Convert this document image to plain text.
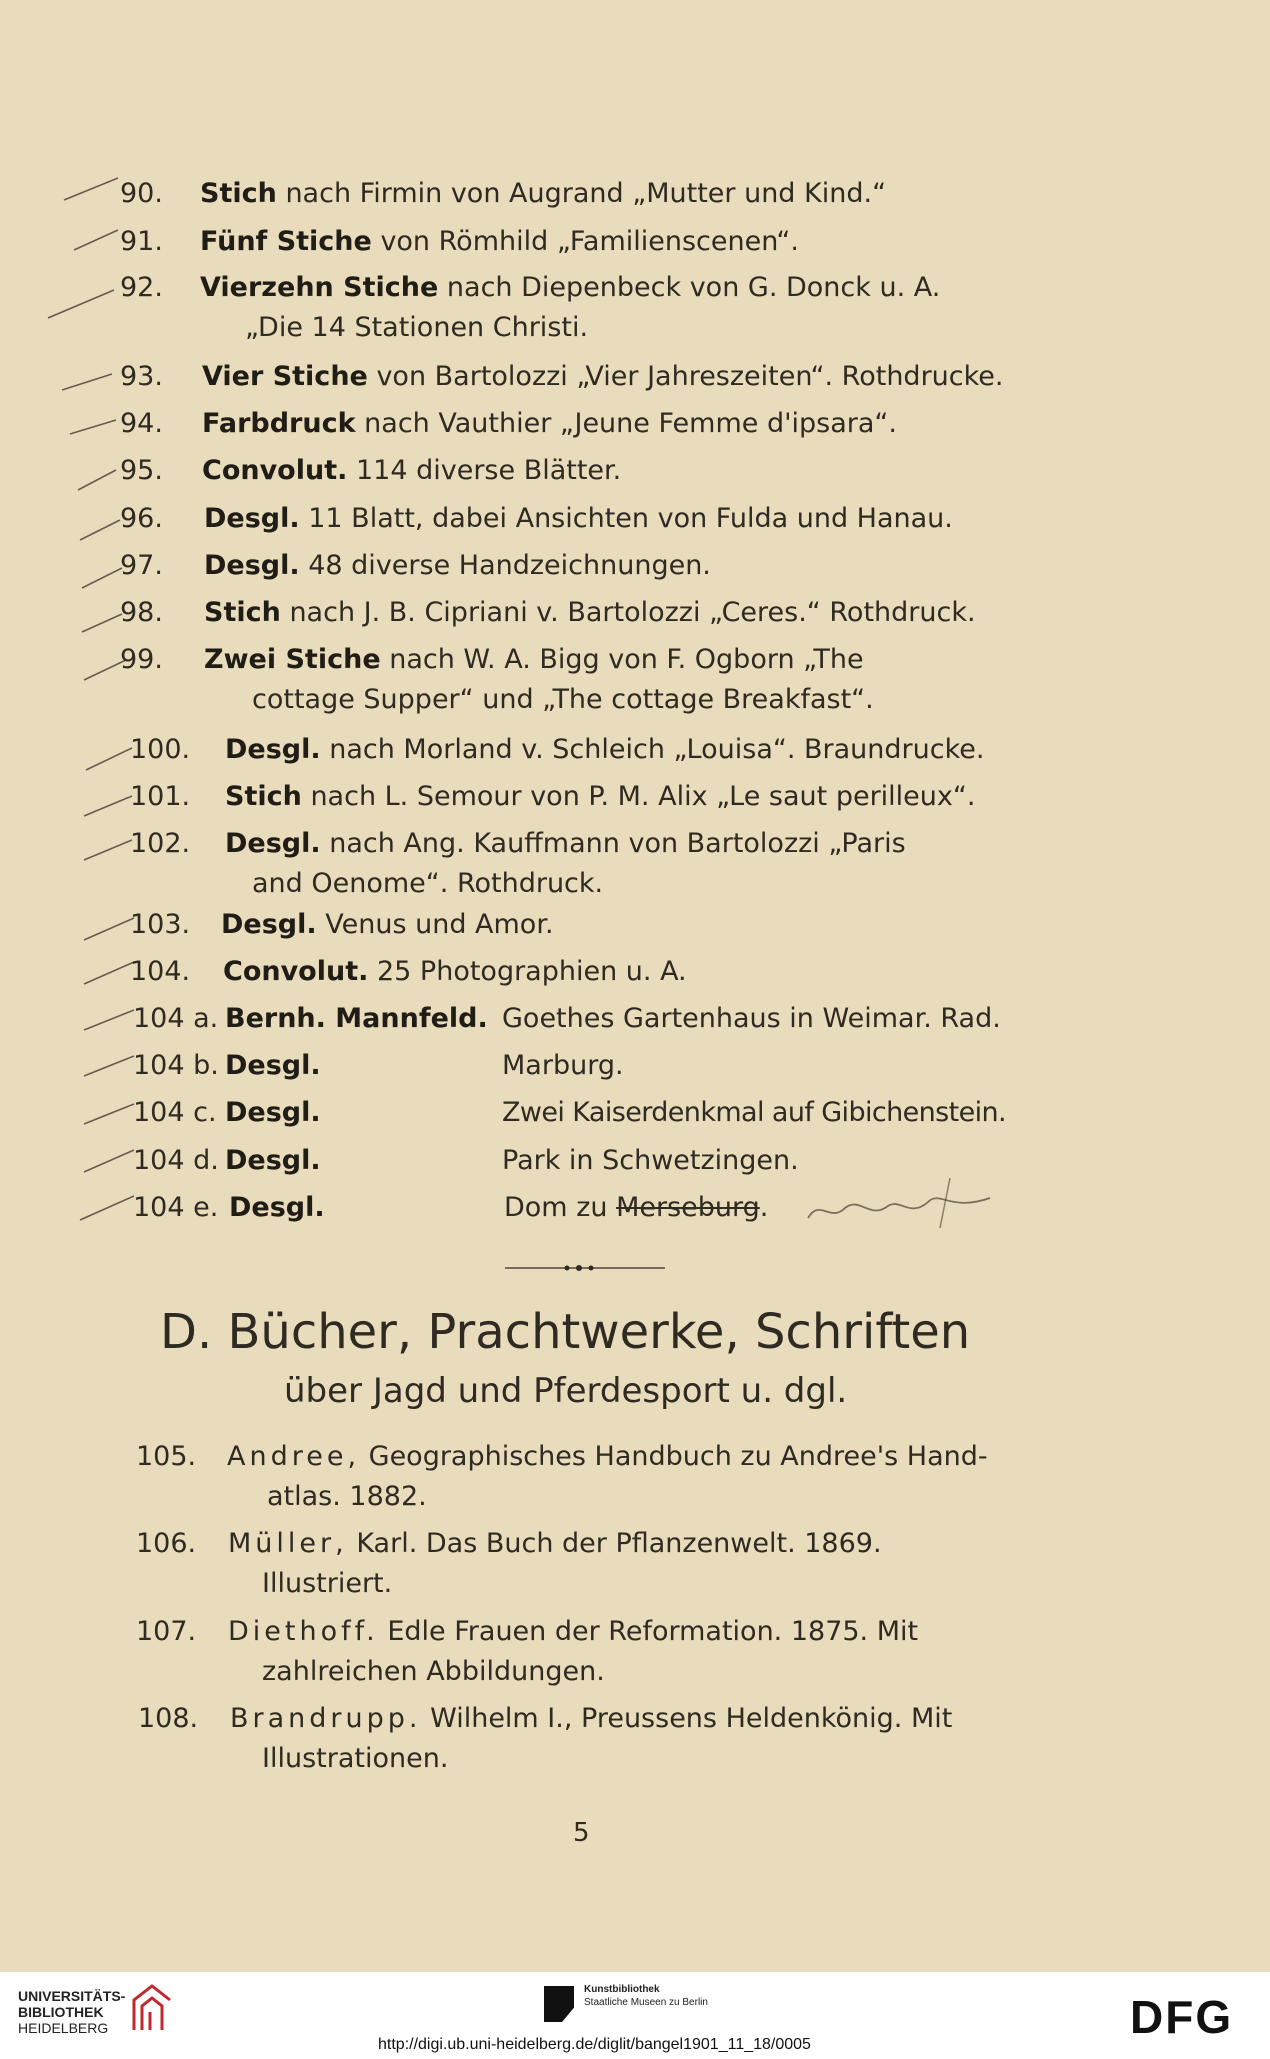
90. Stich nach Firmin von Augrand „Mutter und Kind.“
91. Fünf Stiche von Römhild „Familienscenen“.
92. Vierzehn Stiche nach Diepenbeck von G. Donck u. A.
„Die 14 Stationen Christi.
93. Vier Stiche von Bartolozzi „Vier Jahreszeiten“. Rothdrucke.
94. Farbdruck nach Vauthier „Jeune Femme d'ipsara“.
95. Convolut. 114 diverse Blätter.
96. Desgl. 11 Blatt, dabei Ansichten von Fulda und Hanau.
97. Desgl. 48 diverse Handzeichnungen.
98. Stich nach J. B. Cipriani v. Bartolozzi „Ceres.“ Rothdruck.
99. Zwei Stiche nach W. A. Bigg von F. Ogborn „The
cottage Supper“ und „The cottage Breakfast“.
100. Desgl. nach Morland v. Schleich „Louisa“. Braundrucke.
101. Stich nach L. Semour von P. M. Alix „Le saut perilleux“.
102. Desgl. nach Ang. Kauffmann von Bartolozzi „Paris
and Oenome“. Rothdruck.
103. Desgl. Venus und Amor.
104. Convolut. 25 Photographien u. A.
104 a. Bernh. Mannfeld. Goethes Gartenhaus in Weimar. Rad.
104 b. Desgl.	Marburg.
104 c. Desgl.	Zwei Kaiserdenkmal auf Gibichenstein.
104 d. Desgl.	Park in Schwetzingen.
104 e. Desgl.	Dom zu Merseburg.
D. Bücher, Prachtwerke, Schriften
über Jagd und Pferdesport u. dgl.
105. Andree, Geographisches Handbuch zu Andree's Hand-
atlas. 1882.
106. Müller, Karl. Das Buch der Pflanzenwelt. 1869.
Illustriert.
107. Diethoff. Edle Frauen der Reformation. 1875. Mit
zahlreichen Abbildungen.
108. Brandrupp. Wilhelm I., Preussens Heldenkönig. Mit
Illustrationen.
5
UNIVERSITÄTS-
BIBLIOTHEK
HEIDELBERG
Kunstbibliothek
Staatliche Museen zu Berlin	DFG
http://digi.ub.uni-heidelberg.de/diglit/bangel1901_11_18/0005
